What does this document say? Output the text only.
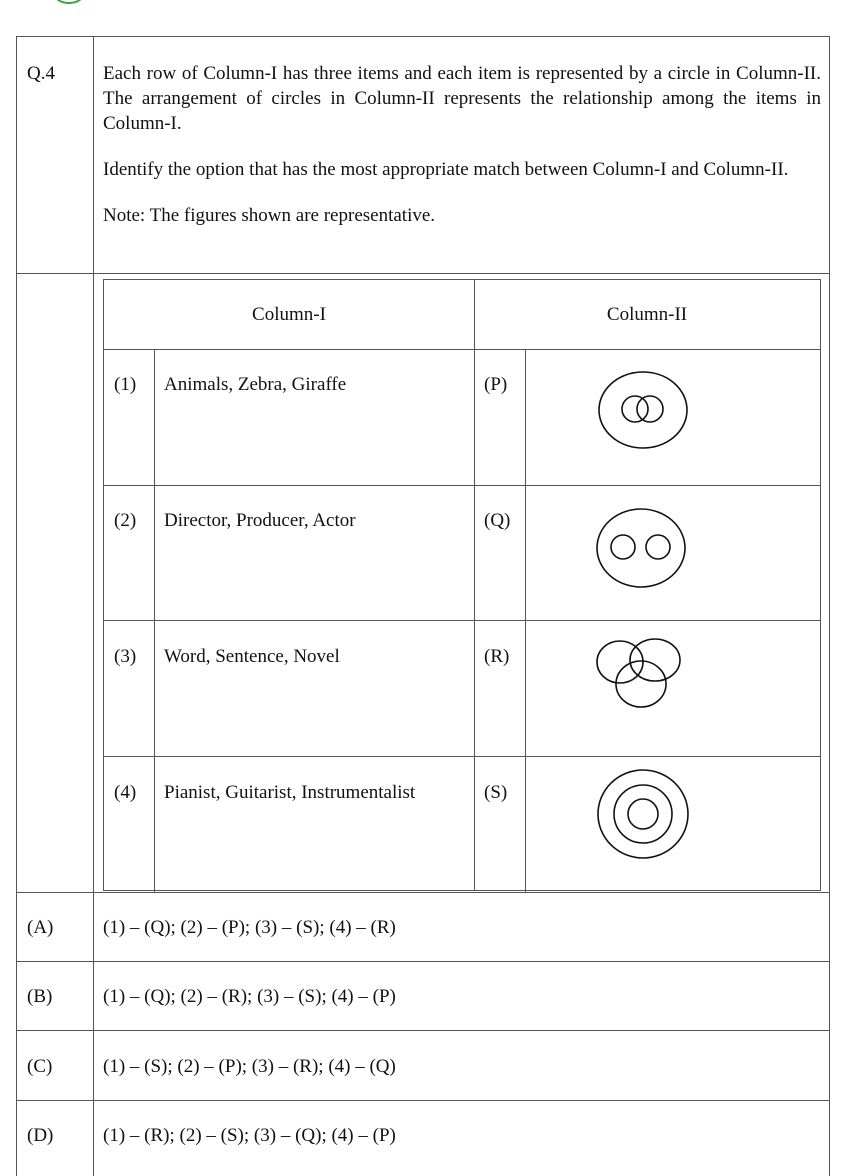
Q.4	Each row of Column-I has three items and each item is represented by a circle in Column-II. The arrangement of circles in Column-II represents the relationship among the items in Column-I.

Identify the option that has the most appropriate match between Column-I and Column-II.

Note: The figures shown are representative.

Column-I	Column-II
(1) Animals, Zebra, Giraffe	(P)
(2) Director, Producer, Actor	(Q)
(3) Word, Sentence, Novel	(R)
(4) Pianist, Guitarist, Instrumentalist	(S)
(A)	(1) – (Q); (2) – (P); (3) – (S); (4) – (R)
(B)	(1) – (Q); (2) – (R); (3) – (S); (4) – (P)
(C)	(1) – (S); (2) – (P); (3) – (R); (4) – (Q)
(D)	(1) – (R); (2) – (S); (3) – (Q); (4) – (P)
